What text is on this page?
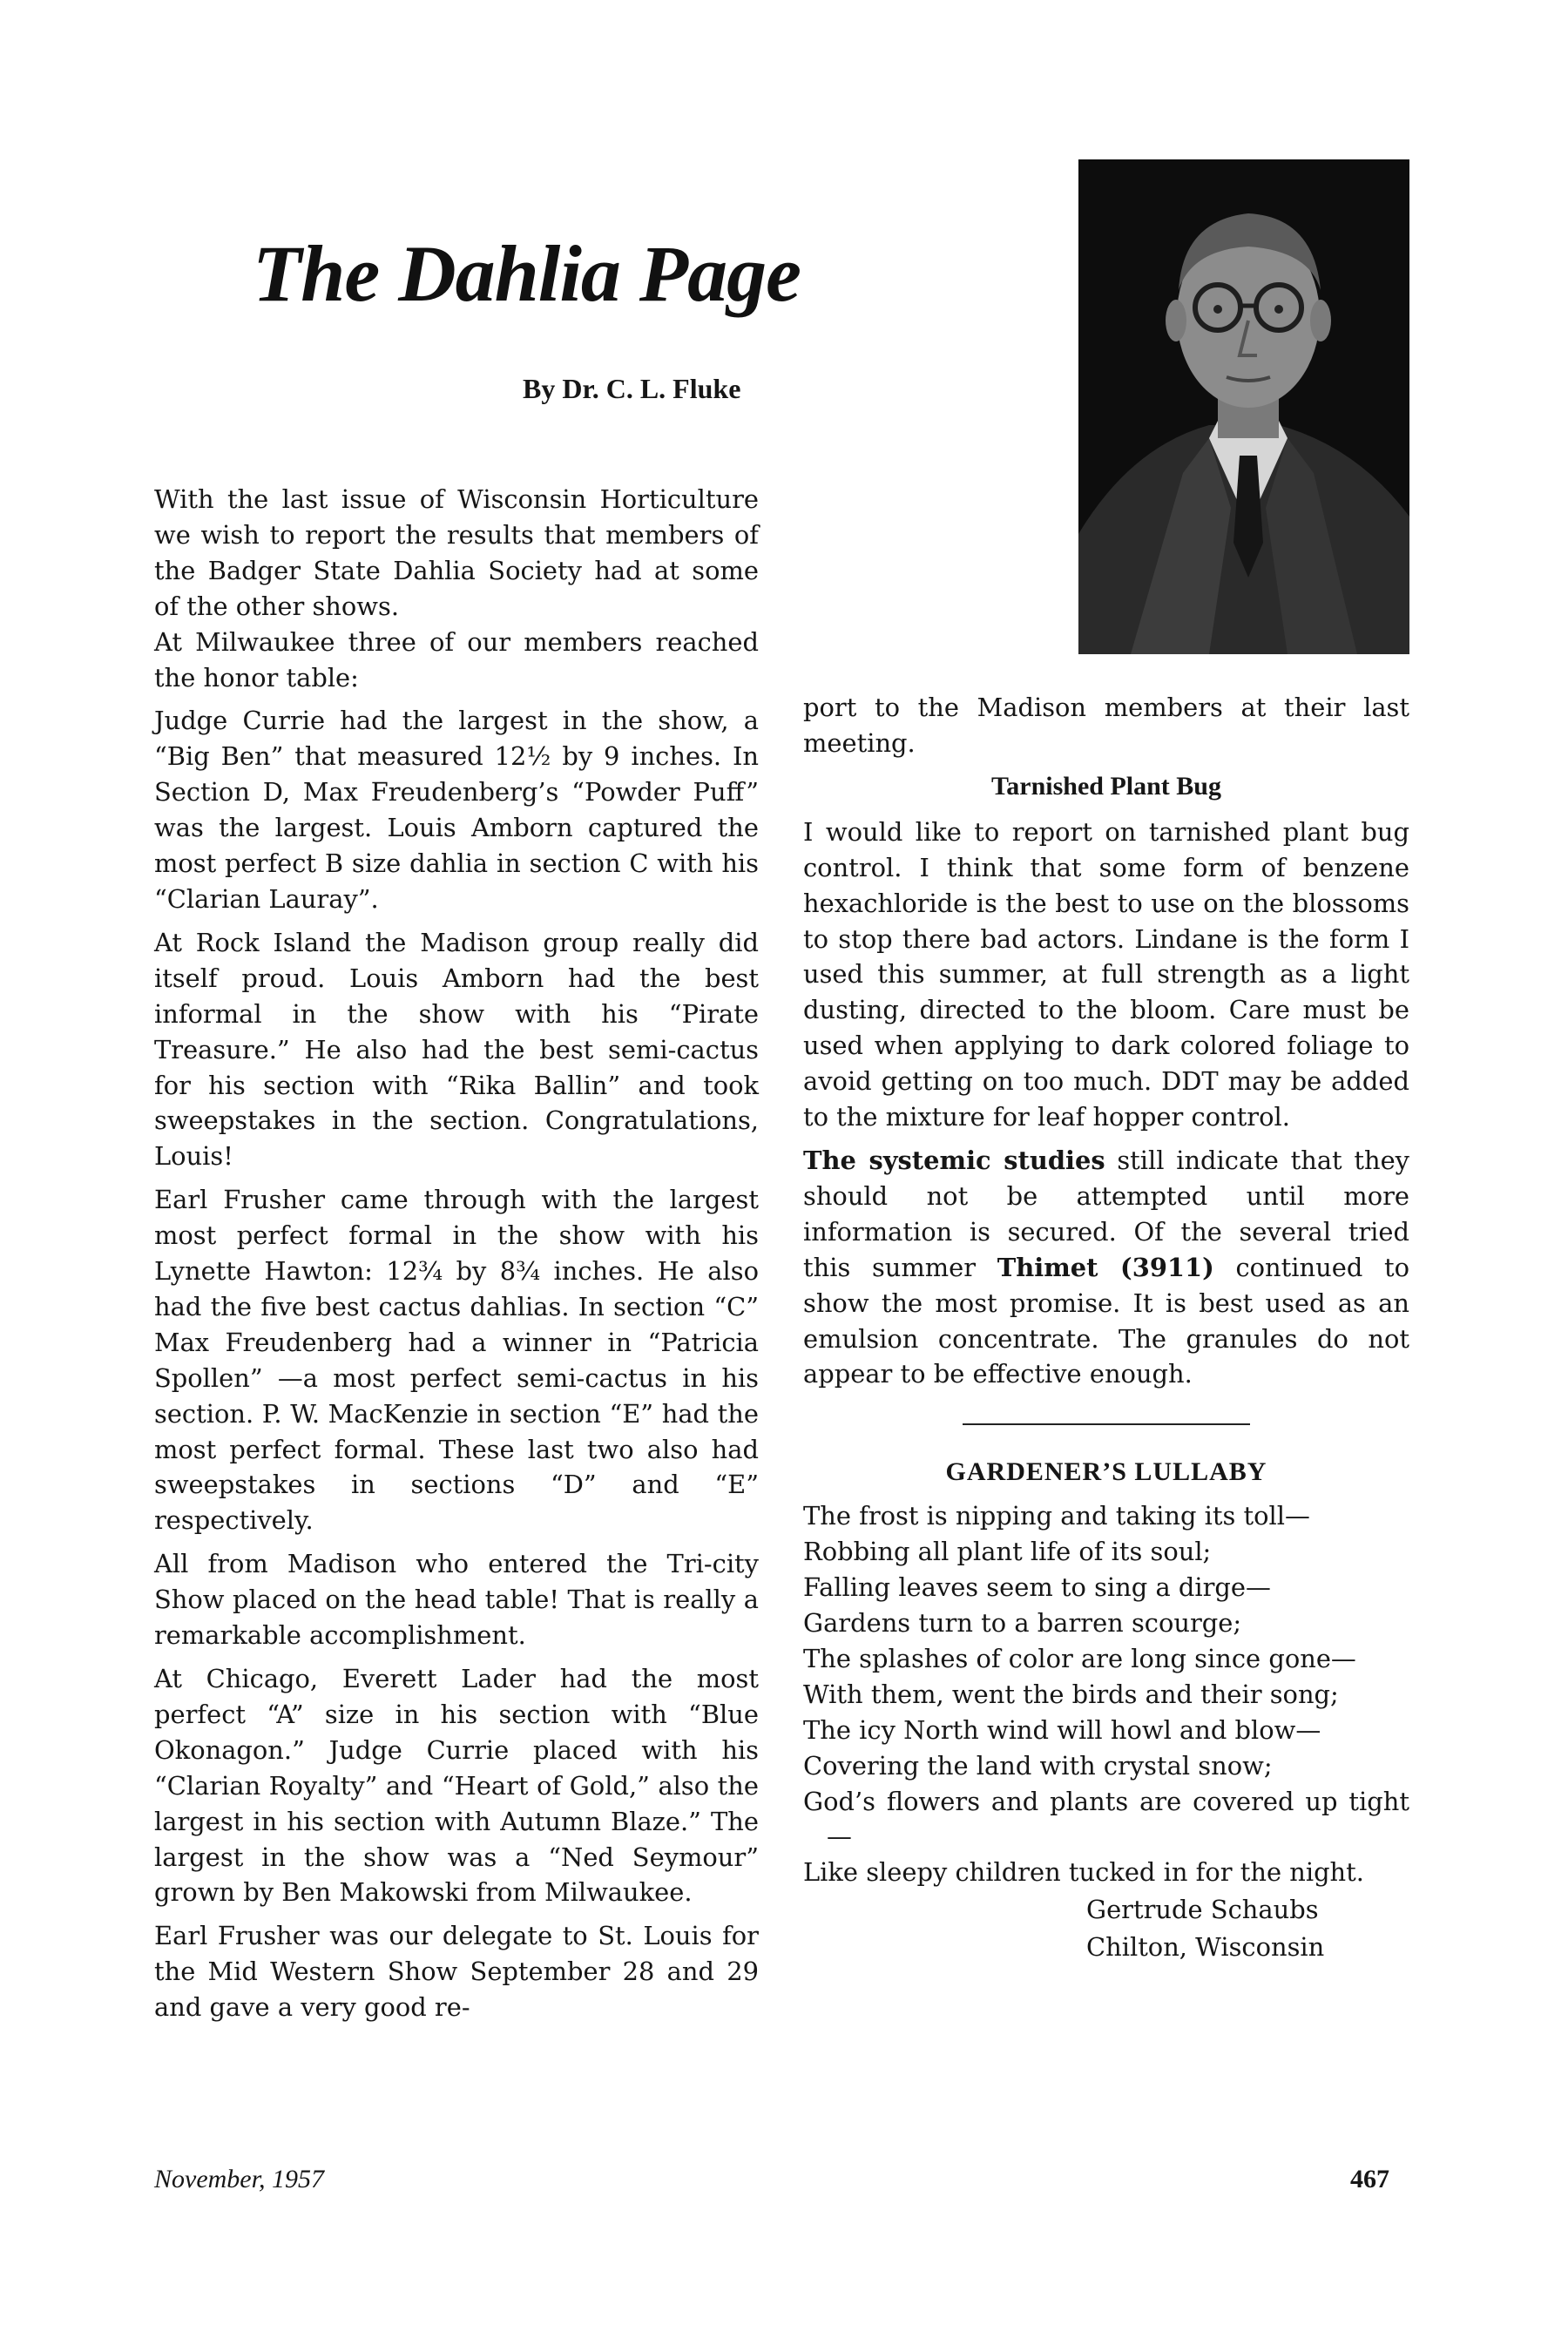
The Dahlia Page
By Dr. C. L. Fluke

With the last issue of Wisconsin Horticulture we wish to report the results that members of the Badger State Dahlia Society had at some of the other shows.

At Milwaukee three of our members reached the honor table:

Judge Currie had the largest in the show, a “Big Ben” that measured 12½ by 9 inches. In Section D, Max Freudenberg’s “Powder Puff” was the largest. Louis Amborn captured the most perfect B size dahlia in section C with his “Clarian Lauray”.

At Rock Island the Madison group really did itself proud. Louis Amborn had the best informal in the show with his “Pirate Treasure.” He also had the best semi-cactus for his section with “Rika Ballin” and took sweepstakes in the section. Congratulations, Louis!

Earl Frusher came through with the largest most perfect formal in the show with his Lynette Hawton: 12¾ by 8¾ inches. He also had the five best cactus dahlias. In section “C” Max Freudenberg had a winner in “Patricia Spollen” —a most perfect semi-cactus in his section. P. W. MacKenzie in section “E” had the most perfect formal. These last two also had sweepstakes in sections “D” and “E” respectively.

All from Madison who entered the Tri-city Show placed on the head table! That is really a remarkable accomplishment.

At Chicago, Everett Lader had the most perfect “A” size in his section with “Blue Okonagon.” Judge Currie placed with his “Clarian Royalty” and “Heart of Gold,” also the largest in his section with Autumn Blaze.” The largest in the show was a “Ned Seymour” grown by Ben Makowski from Milwaukee.

Earl Frusher was our delegate to St. Louis for the Mid Western Show September 28 and 29 and gave a very good re-

port to the Madison members at their last meeting.

Tarnished Plant Bug

I would like to report on tarnished plant bug control. I think that some form of benzene hexachloride is the best to use on the blossoms to stop there bad actors. Lindane is the form I used this summer, at full strength as a light dusting, directed to the bloom. Care must be used when applying to dark colored foliage to avoid getting on too much. DDT may be added to the mixture for leaf hopper control.

The systemic studies still indicate that they should not be attempted until more information is secured. Of the several tried this summer Thimet (3911) continued to show the most promise. It is best used as an emulsion concentrate. The granules do not appear to be effective enough.

GARDENER’S LULLABY

The frost is nipping and taking its toll—

Robbing all plant life of its soul;

Falling leaves seem to sing a dirge—

Gardens turn to a barren scourge;

The splashes of color are long since gone—

With them, went the birds and their song;

The icy North wind will howl and blow—

Covering the land with crystal snow;

God’s flowers and plants are covered up tight—

Like sleepy children tucked in for the night.

Gertrude Schaubs
Chilton, Wisconsin
November, 1957	467
